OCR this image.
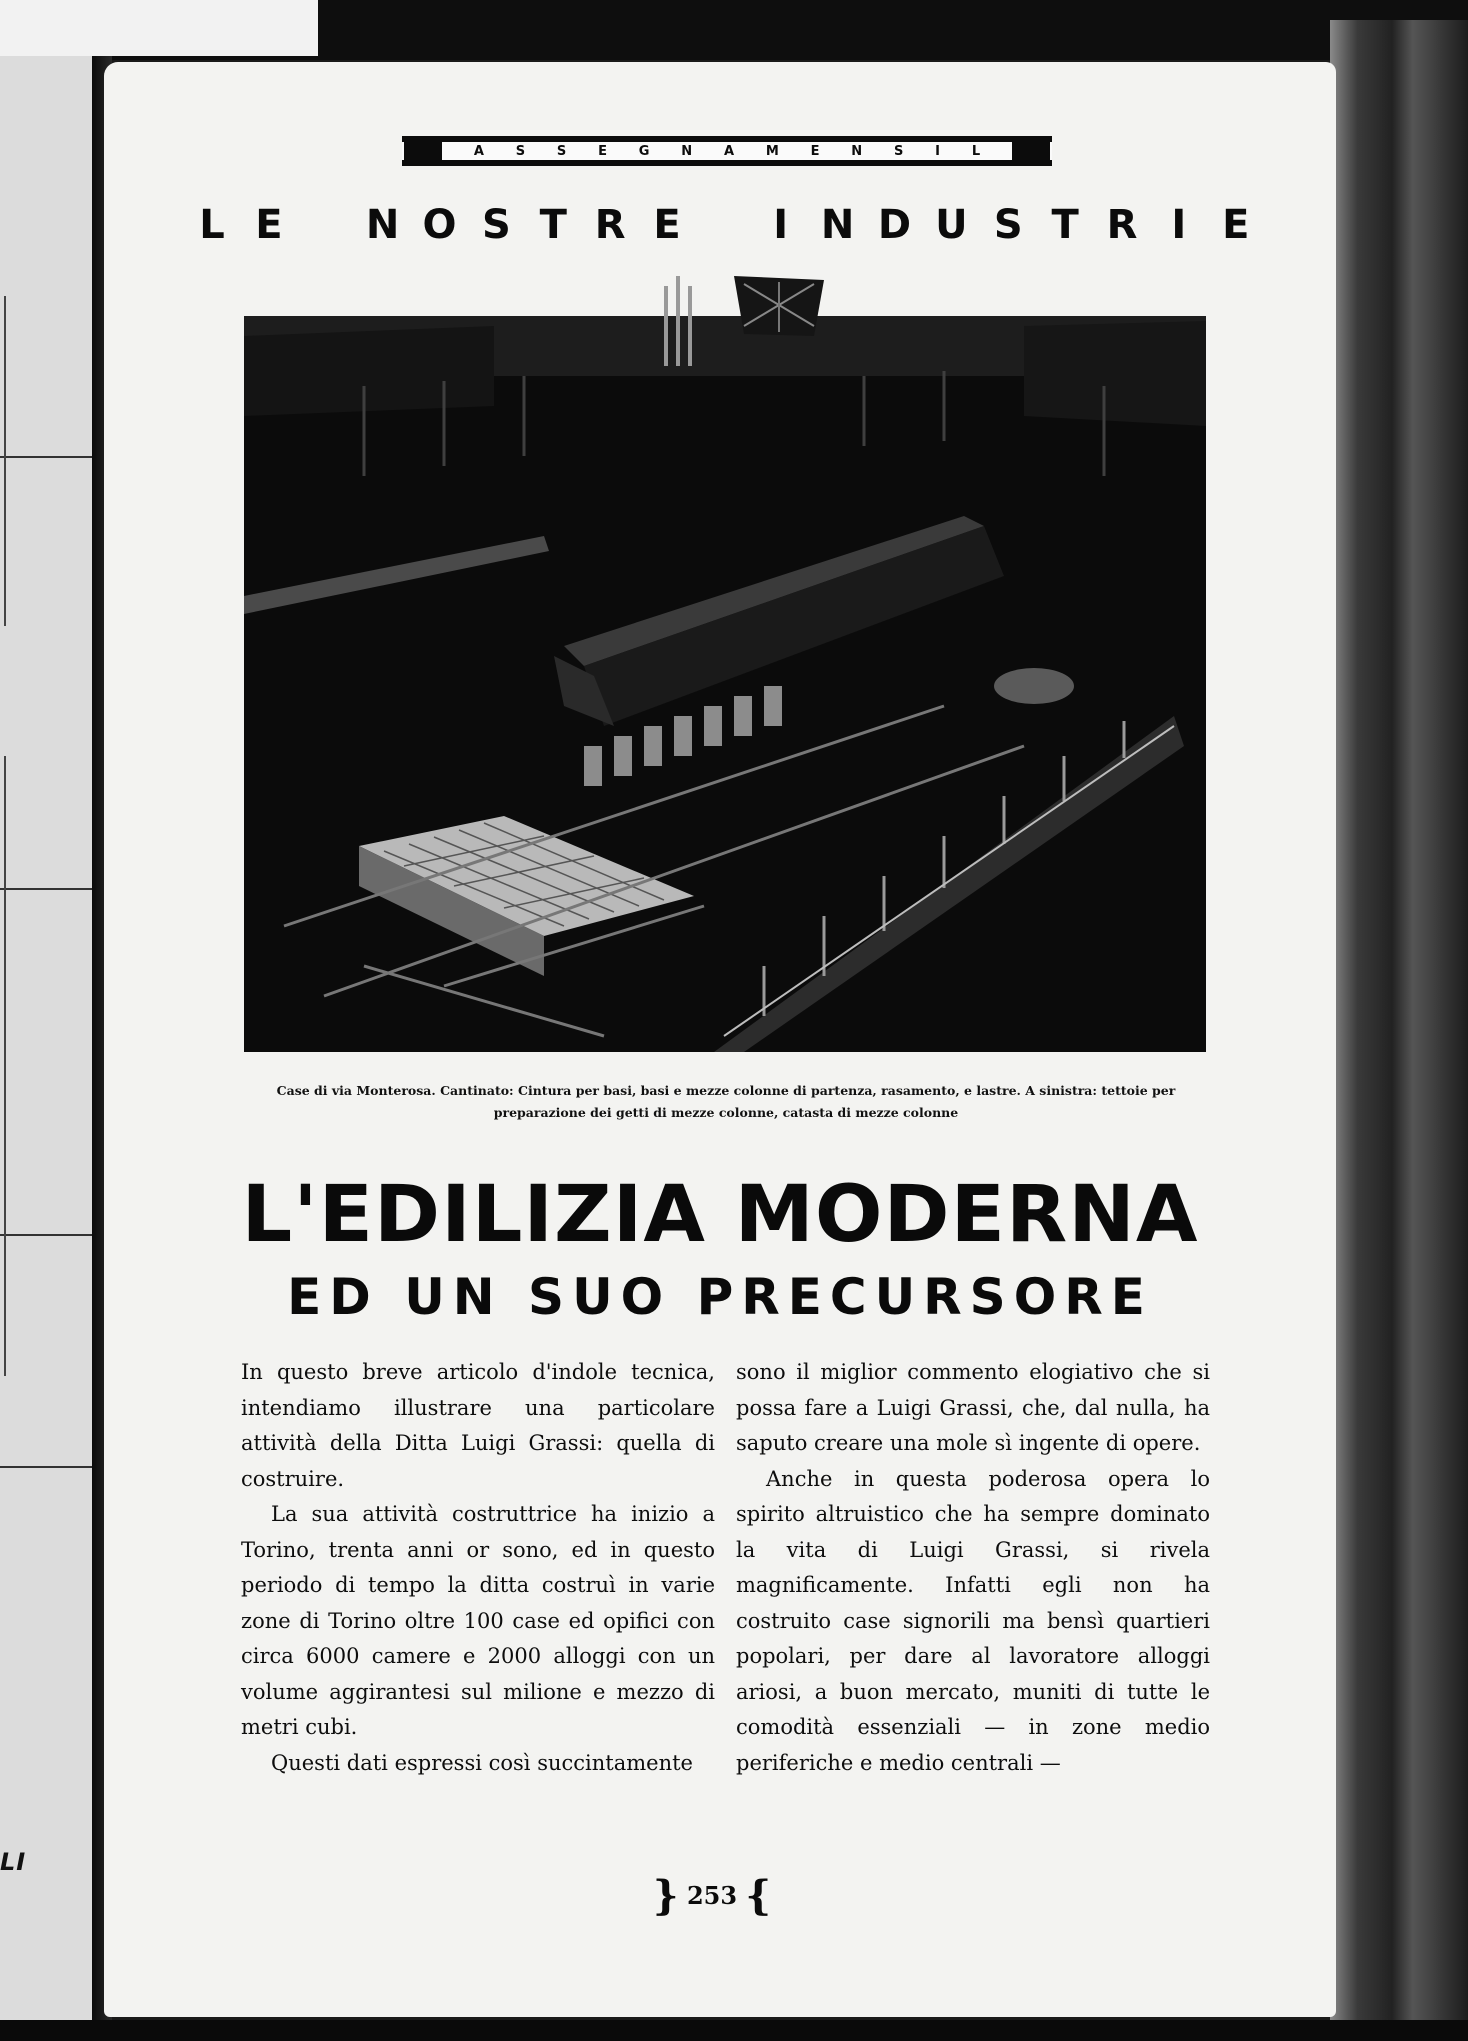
LI
A S S E G N A M E N S I L
L E N O S T R E I N D U S T R I E

Case di via Monterosa. Cantinato: Cintura per basi, basi e mezze colonne di partenza, rasamento, e lastre. A sinistra: tettoie per
preparazione dei getti di mezze colonne, catasta di mezze colonne

L'EDILIZIA MODERNA
ED UN SUO PRECURSORE

In questo breve articolo d'indole tecnica, intendiamo illustrare una particolare attività della Ditta Luigi Grassi: quella di costruire.

La sua attività costruttrice ha inizio a Torino, trenta anni or sono, ed in questo periodo di tempo la ditta costruì in varie zone di Torino oltre 100 case ed opifici con circa 6000 camere e 2000 alloggi con un volume aggirantesi sul milione e mezzo di metri cubi.

Questi dati espressi così succintamente

sono il miglior commento elogiativo che si possa fare a Luigi Grassi, che, dal nulla, ha saputo creare una mole sì ingente di opere.

Anche in questa poderosa opera lo spirito altruistico che ha sempre dominato la vita di Luigi Grassi, si rivela magnificamente. Infatti egli non ha costruito case signorili ma bensì quartieri popolari, per dare al lavoratore alloggi ariosi, a buon mercato, muniti di tutte le comodità essenziali — in zone medio periferiche e medio centrali —

} 253 {
